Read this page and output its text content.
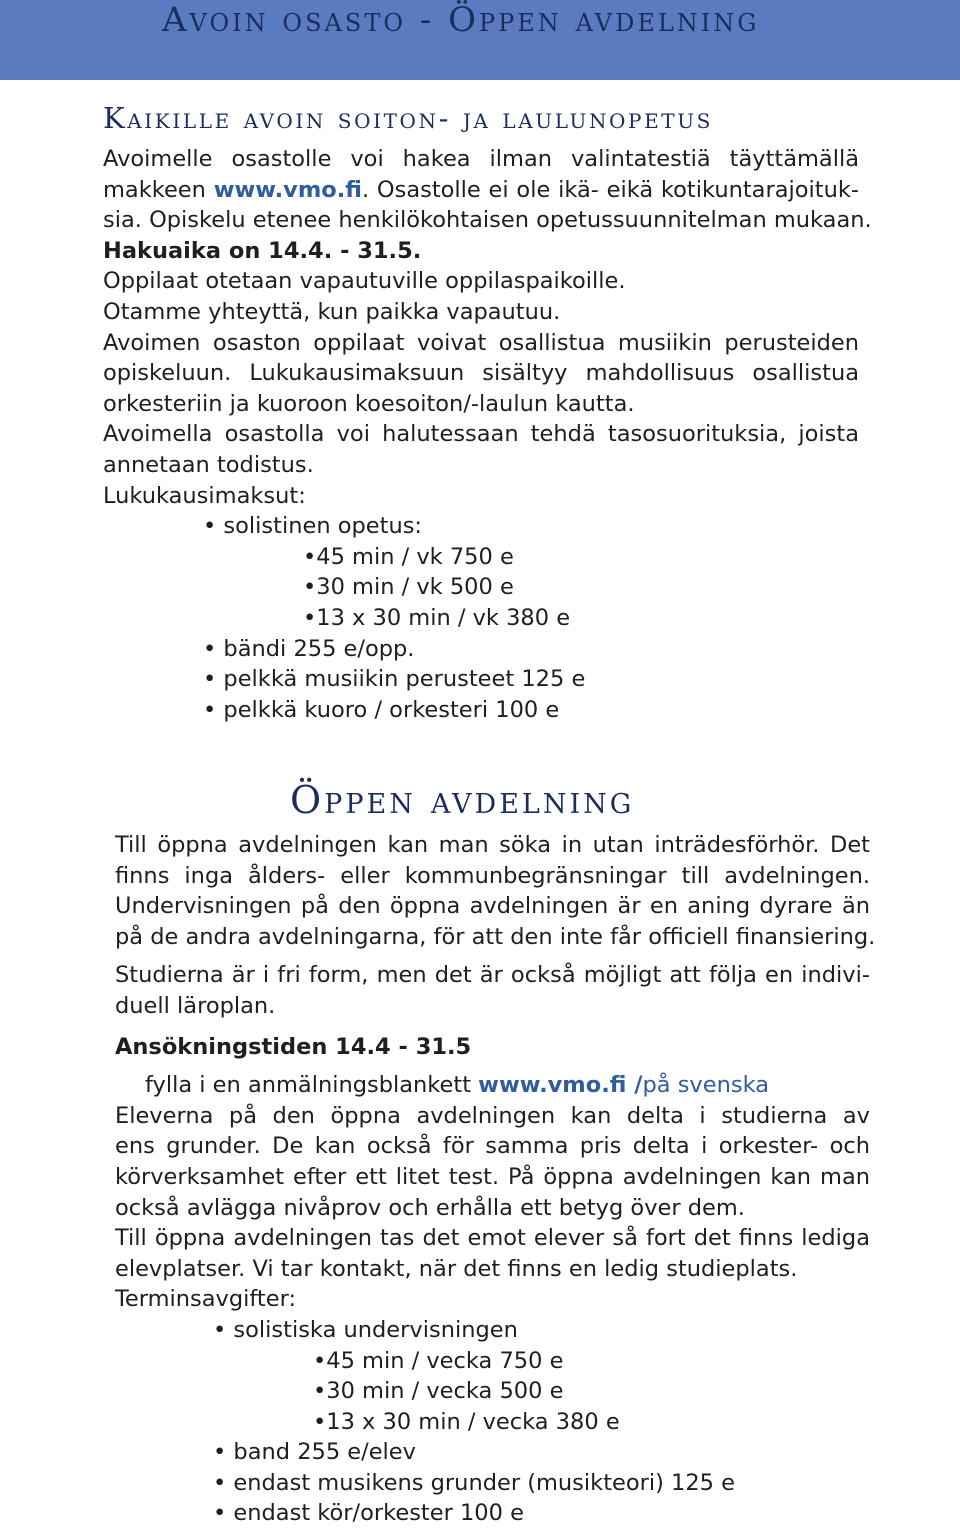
Avoin osasto - Öppen avdelning
Kaikille avoin soiton- ja laulunopetus
Avoimelle osastolle voi hakea ilman valintatestiä täyttämällä
makkeen www.vmo.fi. Osastolle ei ole ikä- eikä kotikuntarajoituk-
sia. Opiskelu etenee henkilökohtaisen opetussuunnitelman mukaan.
Hakuaika on 14.4. - 31.5.
Oppilaat otetaan vapautuville oppilaspaikoille.
Otamme yhteyttä, kun paikka vapautuu.
Avoimen osaston oppilaat voivat osallistua musiikin perusteiden
opiskeluun. Lukukausimaksuun sisältyy mahdollisuus osallistua
orkesteriin ja kuoroon koesoiton/-laulun kautta.
Avoimella osastolla voi halutessaan tehdä tasosuorituksia, joista
annetaan todistus.
Lukukausimaksut:
• solistinen opetus:
•45 min / vk 750 e
•30 min / vk 500 e
•13 x 30 min / vk 380 e
• bändi 255 e/opp.
• pelkkä musiikin perusteet 125 e
• pelkkä kuoro / orkesteri 100 e
Öppen avdelning
Till öppna avdelningen kan man söka in utan inträdesförhör. Det
finns inga ålders- eller kommunbegränsningar till avdelningen.
Undervisningen på den öppna avdelningen är en aning dyrare än
på de andra avdelningarna, för att den inte får officiell finansiering.
Studierna är i fri form, men det är också möjligt att följa en indivi-
duell läroplan.
Ansökningstiden 14.4 - 31.5
fylla i en anmälningsblankett www.vmo.fi /på svenska
Eleverna på den öppna avdelningen kan delta i studierna av
ens grunder. De kan också för samma pris delta i orkester- och
körverksamhet efter ett litet test. På öppna avdelningen kan man
också avlägga nivåprov och erhålla ett betyg över dem.
Till öppna avdelningen tas det emot elever så fort det finns lediga
elevplatser. Vi tar kontakt, när det finns en ledig studieplats.
Terminsavgifter:
• solistiska undervisningen
•45 min / vecka 750 e
•30 min / vecka 500 e
•13 x 30 min / vecka 380 e
• band 255 e/elev
• endast musikens grunder (musikteori) 125 e
• endast kör/orkester 100 e
